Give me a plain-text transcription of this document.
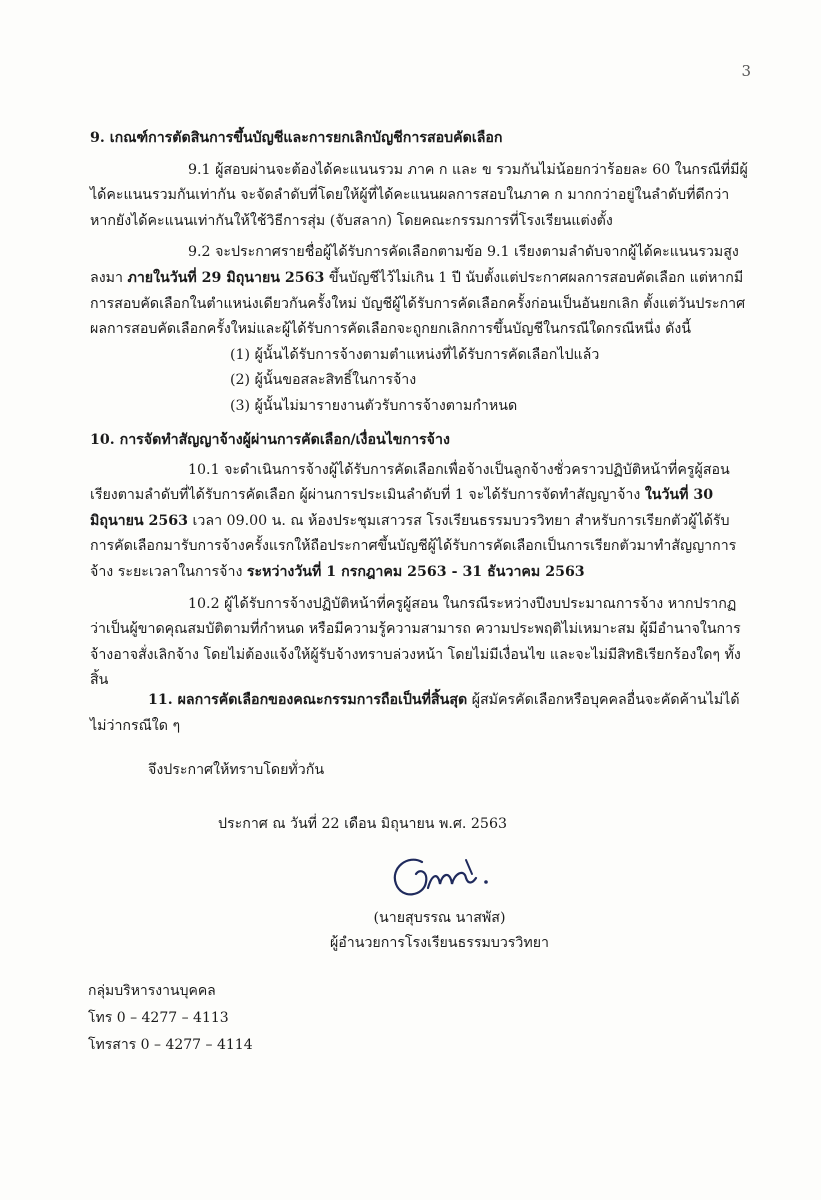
3

9. เกณฑ์การตัดสินการขึ้นบัญชีและการยกเลิกบัญชีการสอบคัดเลือก

9.1 ผู้สอบผ่านจะต้องได้คะแนนรวม ภาค ก และ ข รวมกันไม่น้อยกว่าร้อยละ 60 ในกรณีที่มีผู้ได้คะแนนรวมกันเท่ากัน จะจัดลำดับที่โดยให้ผู้ที่ได้คะแนนผลการสอบในภาค ก มากกว่าอยู่ในลำดับที่ดีกว่า หากยังได้คะแนนเท่ากันให้ใช้วิธีการสุ่ม (จับสลาก) โดยคณะกรรมการที่โรงเรียนแต่งตั้ง

9.2 จะประกาศรายชื่อผู้ได้รับการคัดเลือกตามข้อ 9.1 เรียงตามลำดับจากผู้ได้คะแนนรวมสูงลงมา ภายในวันที่ 29 มิถุนายน 2563 ขึ้นบัญชีไว้ไม่เกิน 1 ปี นับตั้งแต่ประกาศผลการสอบคัดเลือก แต่หากมีการสอบคัดเลือกในตำแหน่งเดียวกันครั้งใหม่ บัญชีผู้ได้รับการคัดเลือกครั้งก่อนเป็นอันยกเลิก ตั้งแต่วันประกาศผลการสอบคัดเลือกครั้งใหม่และผู้ได้รับการคัดเลือกจะถูกยกเลิกการขึ้นบัญชีในกรณีใดกรณีหนึ่ง ดังนี้

(1) ผู้นั้นได้รับการจ้างตามตำแหน่งที่ได้รับการคัดเลือกไปแล้ว

(2) ผู้นั้นขอสละสิทธิ์ในการจ้าง

(3) ผู้นั้นไม่มารายงานตัวรับการจ้างตามกำหนด

10. การจัดทำสัญญาจ้างผู้ผ่านการคัดเลือก/เงื่อนไขการจ้าง

10.1 จะดำเนินการจ้างผู้ได้รับการคัดเลือกเพื่อจ้างเป็นลูกจ้างชั่วคราวปฏิบัติหน้าที่ครูผู้สอนเรียงตามลำดับที่ได้รับการคัดเลือก ผู้ผ่านการประเมินลำดับที่ 1 จะได้รับการจัดทำสัญญาจ้าง ในวันที่ 30 มิถุนายน 2563 เวลา 09.00 น. ณ ห้องประชุมเสาวรส โรงเรียนธรรมบวรวิทยา สำหรับการเรียกตัวผู้ได้รับการคัดเลือกมารับการจ้างครั้งแรกให้ถือประกาศขึ้นบัญชีผู้ได้รับการคัดเลือกเป็นการเรียกตัวมาทำสัญญาการจ้าง ระยะเวลาในการจ้าง ระหว่างวันที่ 1 กรกฎาคม 2563 - 31 ธันวาคม 2563

10.2 ผู้ได้รับการจ้างปฏิบัติหน้าที่ครูผู้สอน ในกรณีระหว่างปีงบประมาณการจ้าง หากปรากฏว่าเป็นผู้ขาดคุณสมบัติตามที่กำหนด หรือมีความรู้ความสามารถ ความประพฤติไม่เหมาะสม ผู้มีอำนาจในการจ้างอาจสั่งเลิกจ้าง โดยไม่ต้องแจ้งให้ผู้รับจ้างทราบล่วงหน้า โดยไม่มีเงื่อนไข และจะไม่มีสิทธิเรียกร้องใดๆ ทั้งสิ้น

11. ผลการคัดเลือกของคณะกรรมการถือเป็นที่สิ้นสุด ผู้สมัครคัดเลือกหรือบุคคลอื่นจะคัดค้านไม่ได้ไม่ว่ากรณีใด ๆ

จึงประกาศให้ทราบโดยทั่วกัน

ประกาศ ณ วันที่ 22 เดือน มิถุนายน พ.ศ. 2563

(นายสุบรรณ นาสพัส)
ผู้อำนวยการโรงเรียนธรรมบวรวิทยา
กลุ่มบริหารงานบุคคล
โทร 0 – 4277 – 4113
โทรสาร 0 – 4277 – 4114
